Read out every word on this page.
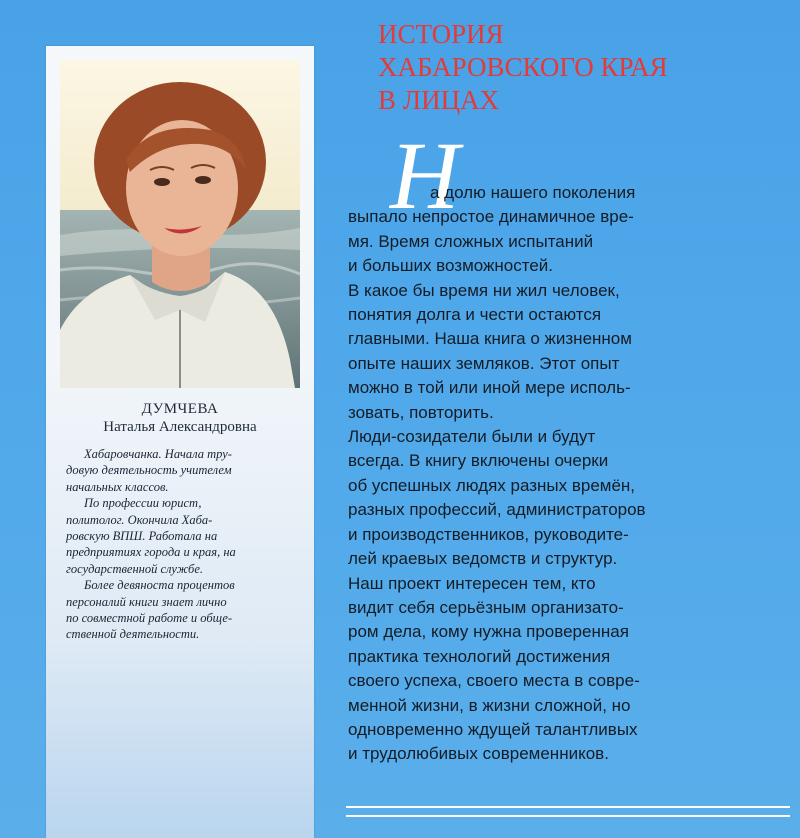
ДУМЧЕВА
Наталья Александровна

Хабаровчанка. Начала тру-
довую деятельность учителем
начальных классов.

По профессии юрист,
политолог. Окончила Хаба-
ровскую ВПШ. Работала на
предприятиях города и края, на
государственной службе.

Более девяноста процентов
персоналий книги знает лично
по совместной работе и обще-
ственной деятельности.

ИСТОРИЯ
ХАБАРОВСКОГО КРАЯ
В ЛИЦАХ
Н
а долю нашего поколения
выпало непростое динамичное вре-
мя. Время сложных испытаний
и больших возможностей.
В какое бы время ни жил человек,
понятия долга и чести остаются
главными. Наша книга о жизненном
опыте наших земляков. Этот опыт
можно в той или иной мере исполь-
зовать, повторить.
Люди-созидатели были и будут
всегда. В книгу включены очерки
об успешных людях разных времён,
разных профессий, администраторов
и производственников, руководите-
лей краевых ведомств и структур.
Наш проект интересен тем, кто
видит себя серьёзным организато-
ром дела, кому нужна проверенная
практика технологий достижения
своего успеха, своего места в совре-
менной жизни, в жизни сложной, но
одновременно ждущей талантливых
и трудолюбивых современников.
